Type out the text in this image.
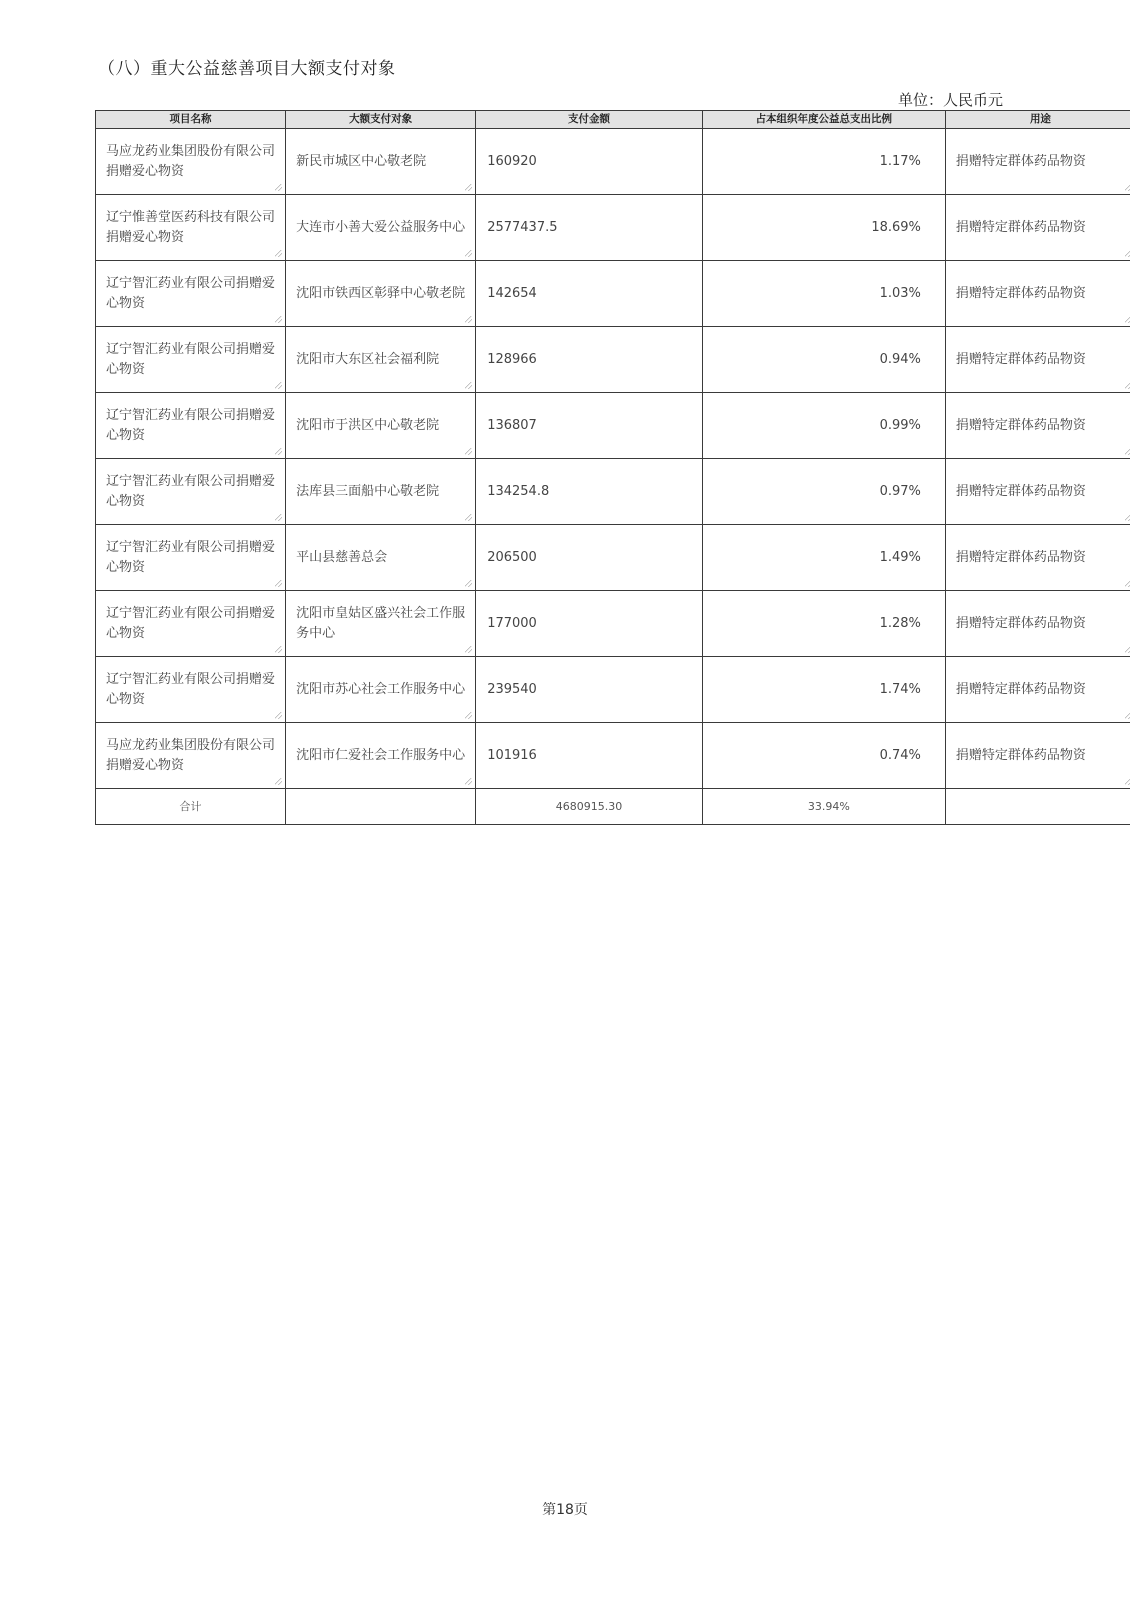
（八）重大公益慈善项目大额支付对象
单位：人民币元
项目名称	大额支付对象	支付金额	占本组织年度公益总支出比例	用途

马应龙药业集团股份有限公司捐赠爱心物资	新民市城区中心敬老院	160920	1.17%	捐赠特定群体药品物资

辽宁惟善堂医药科技有限公司捐赠爱心物资	大连市小善大爱公益服务中心	2577437.5	18.69%	捐赠特定群体药品物资

辽宁智汇药业有限公司捐赠爱心物资	沈阳市铁西区彰驿中心敬老院	142654	1.03%	捐赠特定群体药品物资

辽宁智汇药业有限公司捐赠爱心物资	沈阳市大东区社会福利院	128966	0.94%	捐赠特定群体药品物资

辽宁智汇药业有限公司捐赠爱心物资	沈阳市于洪区中心敬老院	136807	0.99%	捐赠特定群体药品物资

辽宁智汇药业有限公司捐赠爱心物资	法库县三面船中心敬老院	134254.8	0.97%	捐赠特定群体药品物资

辽宁智汇药业有限公司捐赠爱心物资	平山县慈善总会	206500	1.49%	捐赠特定群体药品物资

辽宁智汇药业有限公司捐赠爱心物资	沈阳市皇姑区盛兴社会工作服务中心	177000	1.28%	捐赠特定群体药品物资

辽宁智汇药业有限公司捐赠爱心物资	沈阳市苏心社会工作服务中心	239540	1.74%	捐赠特定群体药品物资

马应龙药业集团股份有限公司捐赠爱心物资	沈阳市仁爱社会工作服务中心	101916	0.74%	捐赠特定群体药品物资

合计		4680915.30	33.94%	

第18页
